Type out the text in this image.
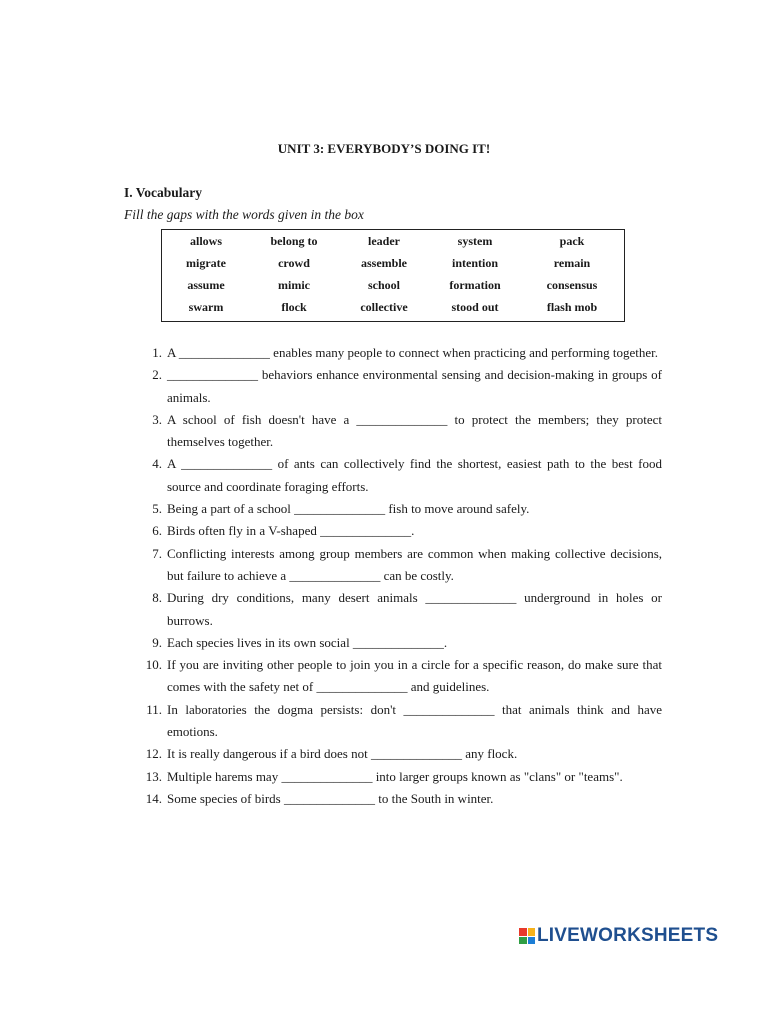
UNIT 3: EVERYBODY’S DOING IT!
I. Vocabulary
Fill the gaps with the words given in the box
allows	belong to	leader	system	pack
migrate	crowd	assemble	intention	remain
assume	mimic	school	formation	consensus
swarm	flock	collective	stood out	flash mob
1. A ______________ enables many people to connect when practicing and performing together.
2. ______________ behaviors enhance environmental sensing and decision-making in groups of animals.
3. A school of fish doesn't have a ______________ to protect the members; they protect themselves together.
4. A ______________ of ants can collectively find the shortest, easiest path to the best food source and coordinate foraging efforts.
5. Being a part of a school ______________ fish to move around safely.
6. Birds often fly in a V-shaped ______________.
7. Conflicting interests among group members are common when making collective decisions, but failure to achieve a ______________ can be costly.
8. During dry conditions, many desert animals ______________ underground in holes or burrows.
9. Each species lives in its own social ______________.
10. If you are inviting other people to join you in a circle for a specific reason, do make sure that comes with the safety net of ______________ and guidelines.
11. In laboratories the dogma persists: don't ______________ that animals think and have emotions.
12. It is really dangerous if a bird does not ______________ any flock.
13. Multiple harems may ______________ into larger groups known as "clans" or "teams".
14. Some species of birds ______________ to the South in winter.
LIVEWORKSHEETS
